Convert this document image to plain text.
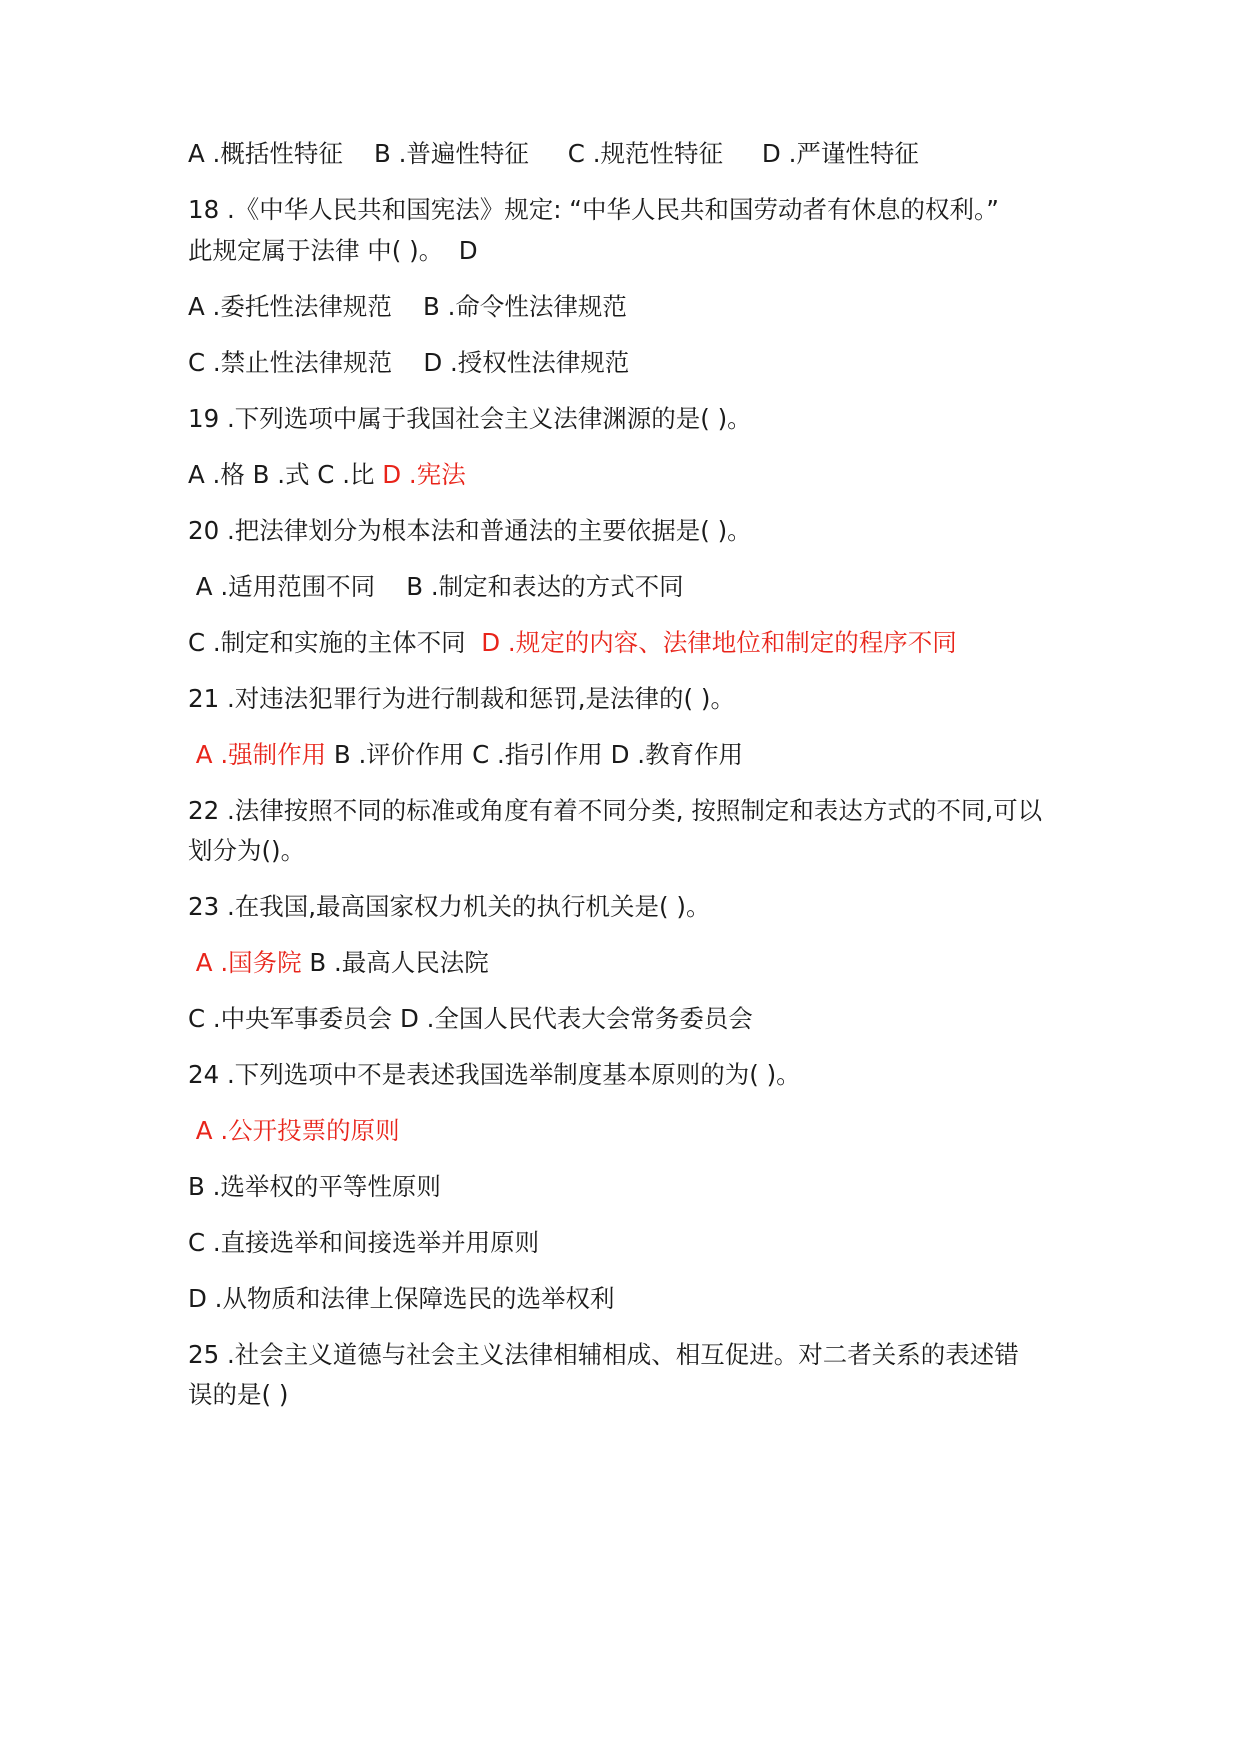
A .概括性特征    B .普遍性特征     C .规范性特征     D .严谨性特征

18 .《中华人民共和国宪法》规定: “中华人民共和国劳动者有休息的权利。”

此规定属于法律 中( )。  D

A .委托性法律规范    B .命令性法律规范

C .禁止性法律规范    D .授权性法律规范

19 .下列选项中属于我国社会主义法律渊源的是( )。

A .格 B .式 C .比 D .宪法

20 .把法律划分为根本法和普通法的主要依据是( )。

A .适用范围不同    B .制定和表达的方式不同

C .制定和实施的主体不同  D .规定的内容、法律地位和制定的程序不同

21 .对违法犯罪行为进行制裁和惩罚,是法律的( )。

A .强制作用 B .评价作用 C .指引作用 D .教育作用

22 .法律按照不同的标准或角度有着不同分类, 按照制定和表达方式的不同,可以

划分为()。

23 .在我国,最高国家权力机关的执行机关是( )。

A .国务院 B .最高人民法院

C .中央军事委员会 D .全国人民代表大会常务委员会

24 .下列选项中不是表述我国选举制度基本原则的为( )。

A .公开投票的原则

B .选举权的平等性原则

C .直接选举和间接选举并用原则

D .从物质和法律上保障选民的选举权利

25 .社会主义道德与社会主义法律相辅相成、相互促进。对二者关系的表述错

误的是( )
